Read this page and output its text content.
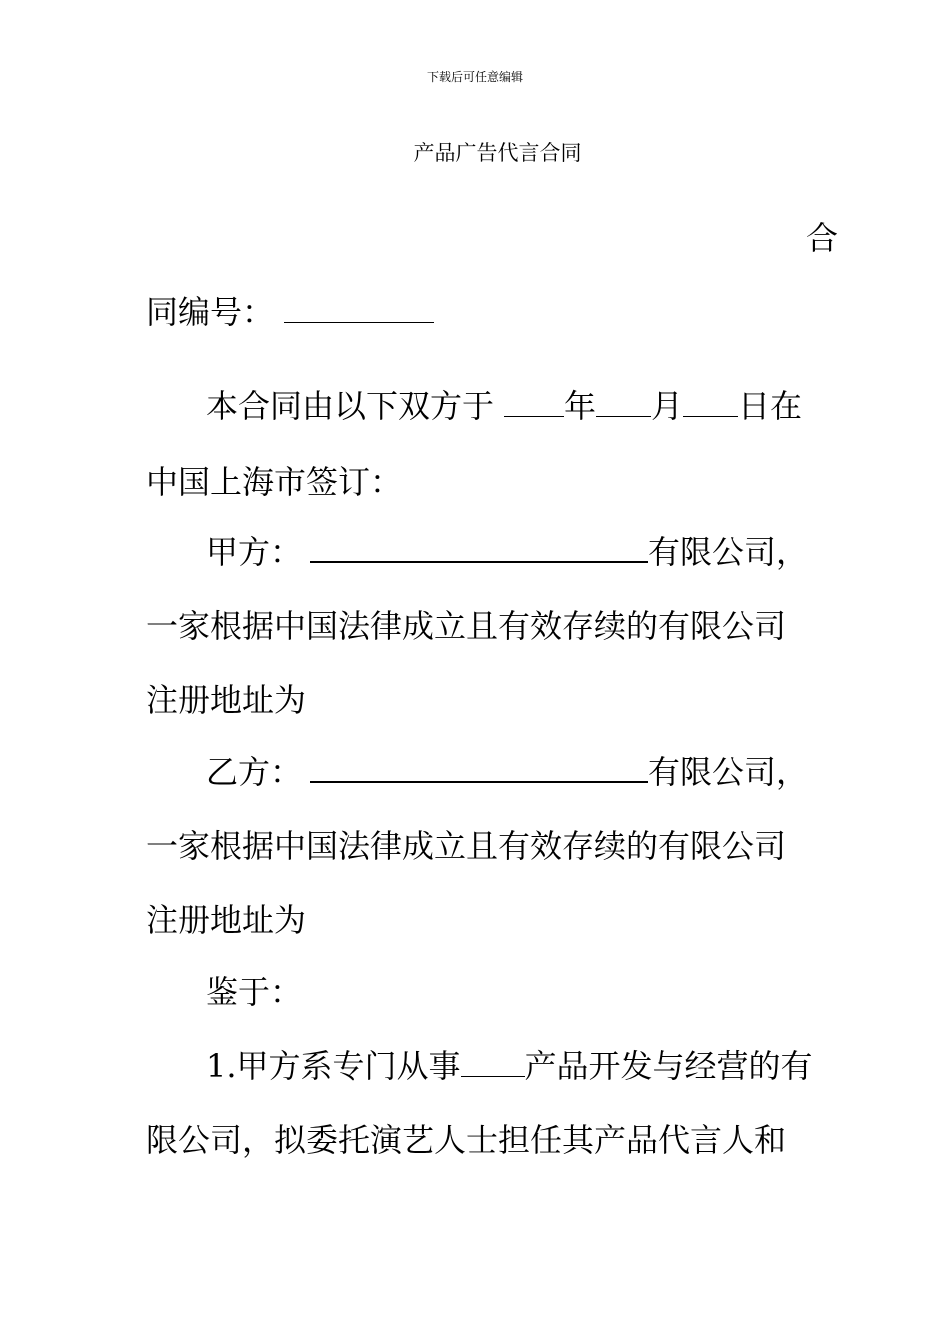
下载后可任意编辑
产品广告代言合同
合
同编号：
本合同由以下双方于 年 月 日在
中国上海市签订：
甲方：	有限公司，
一家根据中国法律成立且有效存续的有限公司
注册地址为
乙方：	有限公司，
一家根据中国法律成立且有效存续的有限公司
注册地址为
鉴于：
1.甲方系专门从事 产品开发与经营的有
限公司，拟委托演艺人士担任其产品代言人和
